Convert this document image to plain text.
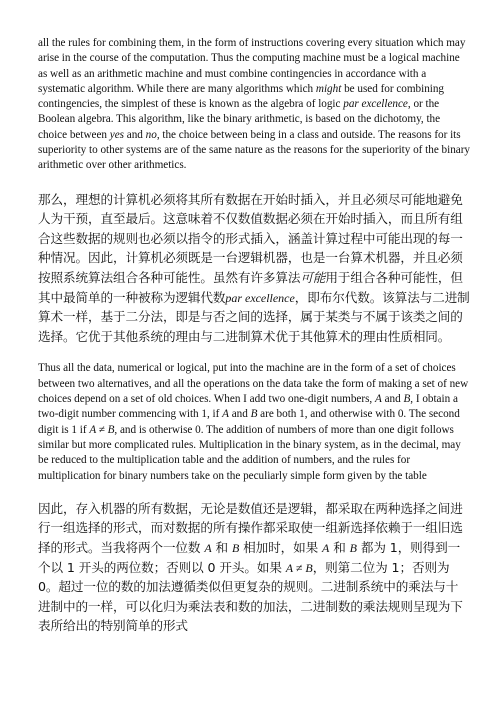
all the rules for combining them, in the form of instructions covering every situation which may arise in the course of the computation. Thus the computing machine must be a logical machine as well as an arithmetic machine and must combine contingencies in accordance with a systematic algorithm. While there are many algorithms which might be used for combining contingencies, the simplest of these is known as the algebra of logic par excellence, or the Boolean algebra. This algorithm, like the binary arithmetic, is based on the dichotomy, the choice between yes and no, the choice between being in a class and outside. The reasons for its superiority to other systems are of the same nature as the reasons for the superiority of the binary arithmetic over other arithmetics.

那么，理想的计算机必须将其所有数据在开始时插入，并且必须尽可能地避免人为干预，直至最后。这意味着不仅数值数据必须在开始时插入，而且所有组合这些数据的规则也必须以指令的形式插入，涵盖计算过程中可能出现的每一种情况。因此，计算机必须既是一台逻辑机器，也是一台算术机器，并且必须按照系统算法组合各种可能性。虽然有许多算法可能用于组合各种可能性，但其中最简单的一种被称为逻辑代数par excellence，即布尔代数。该算法与二进制算术一样，基于二分法，即是与否之间的选择，属于某类与不属于该类之间的选择。它优于其他系统的理由与二进制算术优于其他算术的理由性质相同。

Thus all the data, numerical or logical, put into the machine are in the form of a set of choices between two alternatives, and all the operations on the data take the form of making a set of new choices depend on a set of old choices. When I add two one-digit numbers, A and B, I obtain a two-digit number commencing with 1, if A and B are both 1, and otherwise with 0. The second digit is 1 if A ≠ B, and is otherwise 0. The addition of numbers of more than one digit follows similar but more complicated rules. Multiplication in the binary system, as in the decimal, may be reduced to the multiplication table and the addition of numbers, and the rules for multiplication for binary numbers take on the peculiarly simple form given by the table

因此，存入机器的所有数据，无论是数值还是逻辑，都采取在两种选择之间进行一组选择的形式，而对数据的所有操作都采取使一组新选择依赖于一组旧选择的形式。当我将两个一位数 A 和 B 相加时，如果 A 和 B 都为 1，则得到一个以 1 开头的两位数；否则以 0 开头。如果 A ≠ B，则第二位为 1；否则为 0。超过一位的数的加法遵循类似但更复杂的规则。二进制系统中的乘法与十进制中的一样，可以化归为乘法表和数的加法，二进制数的乘法规则呈现为下表所给出的特别简单的形式
